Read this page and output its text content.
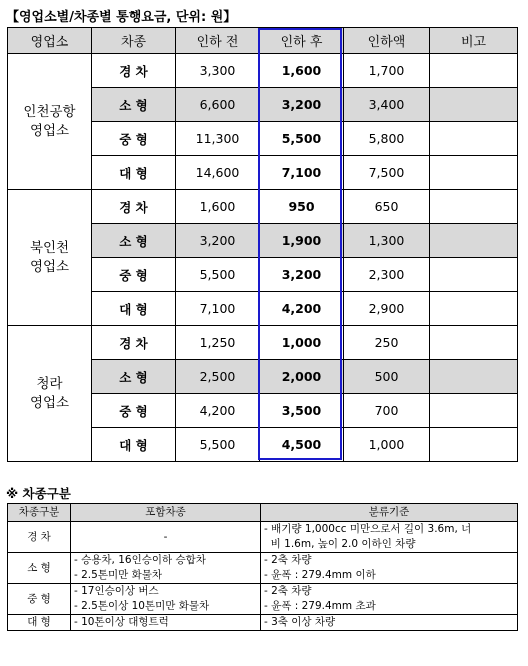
【영업소별/차종별 통행요금, 단위: 원】
영업소	차종	인하 전	인하 후	인하액	비고

인천공항
영업소	경 차	3,300	1,600	1,700	
	소 형	6,600	3,200	3,400	
	중 형	11,300	5,500	5,800	
	대 형	14,600	7,100	7,500	

북인천
영업소	경 차	1,600	950	650	
	소 형	3,200	1,900	1,300	
	중 형	5,500	3,200	2,300	
	대 형	7,100	4,200	2,900	

청라
영업소	경 차	1,250	1,000	250	
	소 형	2,500	2,000	500	
	중 형	4,200	3,500	700	
	대 형	5,500	4,500	1,000	
※ 차종구분
차종구분	포함차종	분류기준
경 차	-	- 배기량 1,000cc 미만으로서 길이 3.6m, 너
비 1.6m, 높이 2.0 이하인 차량

소 형	- 승용차, 16인승이하 승합차
- 2.5톤미만 화물차	- 2축 차량
- 윤폭 : 279.4mm 이하

중 형	- 17인승이상 버스
- 2.5톤이상 10톤미만 화물차	- 2축 차량
- 윤폭 : 279.4mm 초과

대 형	- 10톤이상 대형트럭	- 3축 이상 차량
